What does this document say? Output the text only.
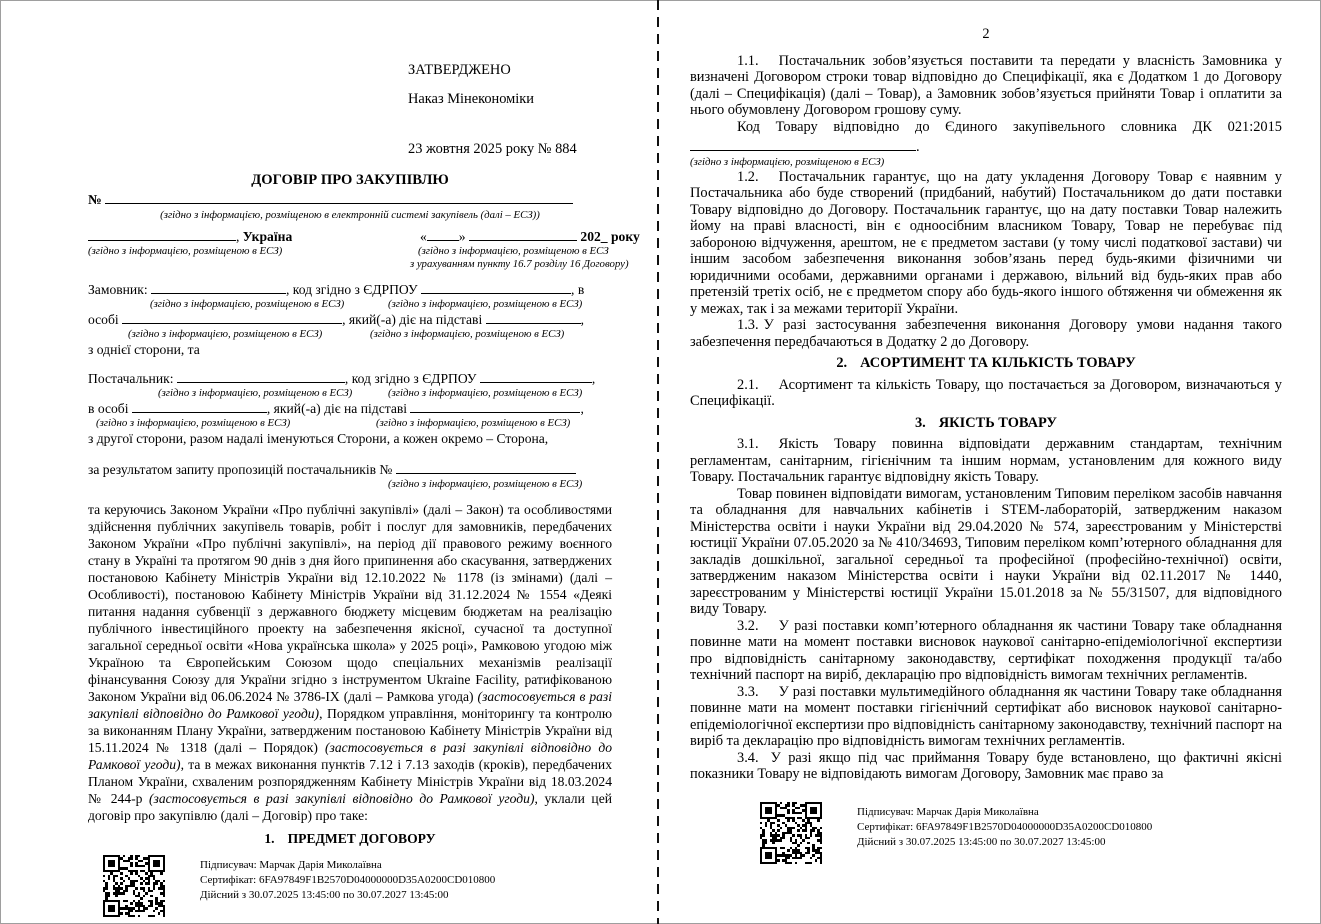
ЗАТВЕРДЖЕНО

Наказ Мінекономіки

23 жовтня 2025 року № 884

ДОГОВІР ПРО ЗАКУПІВЛЮ
№
(згідно з інформацією, розміщеною в електронній системі закупівель (далі – ЕСЗ))
, Україна	« »	202_ року
(згідно з інформацією, розміщеною в ЕСЗ)	(згідно з інформацією, розміщеною в ЕСЗ
з урахуванням пункту 16.7 розділу 16 Договору)
Замовник:	, код згідно з ЄДРПОУ	, в
(згідно з інформацією, розміщеною в ЕСЗ)	(згідно з інформацією, розміщеною в ЕСЗ)
особі	, який(-а) діє на підставі	,
(згідно з інформацією, розміщеною в ЕСЗ)	(згідно з інформацією, розміщеною в ЕСЗ)

з однієї сторони, та

Постачальник:	, код згідно з ЄДРПОУ	,
(згідно з інформацією, розміщеною в ЕСЗ)	(згідно з інформацією, розміщеною в ЕСЗ)
в особі	, який(-а) діє на підставі	,
(згідно з інформацією, розміщеною в ЕСЗ)	(згідно з інформацією, розміщеною в ЕСЗ)

з другої сторони, разом надалі іменуються Сторони, а кожен окремо – Сторона,

за результатом запиту пропозицій постачальників №
(згідно з інформацією, розміщеною в ЕСЗ)

та керуючись Законом України «Про публічні закупівлі» (далі – Закон) та особливостями здійснення публічних закупівель товарів, робіт і послуг для замовників, передбачених Законом України «Про публічні закупівлі», на період дії правового режиму воєнного стану в Україні та протягом 90 днів з дня його припинення або скасування, затверджених постановою Кабінету Міністрів України від 12.10.2022 № 1178 (із змінами) (далі – Особливості), постановою Кабінету Міністрів України від 31.12.2024 № 1554 «Деякі питання надання субвенції з державного бюджету місцевим бюджетам на реалізацію публічного інвестиційного проекту на забезпечення якісної, сучасної та доступної загальної середньої освіти «Нова українська школа» у 2025 році», Рамковою угодою між Україною та Європейським Союзом щодо спеціальних механізмів реалізації фінансування Союзу для України згідно з інструментом Ukraine Facility, ратифікованою Законом України від 06.06.2024 № 3786-IX (далі – Рамкова угода) (застосовується в разі закупівлі відповідно до Рамкової угоди), Порядком управління, моніторингу та контролю за виконанням Плану України, затвердженим постановою Кабінету Міністрів України від 15.11.2024 № 1318 (далі – Порядок) (застосовується в разі закупівлі відповідно до Рамкової угоди), та в межах виконання пунктів 7.12 і 7.13 заходів (кроків), передбачених Планом України, схваленим розпорядженням Кабінету Міністрів України від 18.03.2024 № 244-р (застосовується в разі закупівлі відповідно до Рамкової угоди), уклали цей договір про закупівлю (далі – Договір) про таке:

1. ПРЕДМЕТ ДОГОВОРУ
Підписувач: Марчак Дарія Миколаївна
Сертифікат: 6FA97849F1B2570D04000000D35A0200CD010800
Дійсний з 30.07.2025 13:45:00 по 30.07.2027 13:45:00
2

1.1. Постачальник зобов’язується поставити та передати у власність Замовника у визначені Договором строки товар відповідно до Специфікації, яка є Додатком 1 до Договору (далі – Специфікація) (далі – Товар), а Замовник зобов’язується прийняти Товар і оплатити за нього обумовлену Договором грошову суму.

Код Товару відповідно до Єдиного закупівельного словника ДК 021:2015

.
(згідно з інформацією, розміщеною в ЕСЗ)

1.2. Постачальник гарантує, що на дату укладення Договору Товар є наявним у Постачальника або буде створений (придбаний, набутий) Постачальником до дати поставки Товару відповідно до Договору. Постачальник гарантує, що на дату поставки Товар належить йому на праві власності, він є одноосібним власником Товару, Товар не перебуває під забороною відчуження, арештом, не є предметом застави (у тому числі податкової застави) чи іншим засобом забезпечення виконання зобов’язань перед будь-якими фізичними чи юридичними особами, державними органами і державою, вільний від будь-яких прав або претензій третіх осіб, не є предметом спору або будь-якого іншого обтяження чи обмеження як у межах, так і за межами території України.

1.3. У разі застосування забезпечення виконання Договору умови надання такого забезпечення передбачаються в Додатку 2 до Договору.

2. АСОРТИМЕНТ ТА КІЛЬКІСТЬ ТОВАРУ

2.1. Асортимент та кількість Товару, що постачається за Договором, визначаються у Специфікації.

3. ЯКІСТЬ ТОВАРУ

3.1. Якість Товару повинна відповідати державним стандартам, технічним регламентам, санітарним, гігієнічним та іншим нормам, установленим для кожного виду Товару. Постачальник гарантує відповідну якість Товару.

Товар повинен відповідати вимогам, установленим Типовим переліком засобів навчання та обладнання для навчальних кабінетів і STEM-лабораторій, затвердженим наказом Міністерства освіти і науки України від 29.04.2020 № 574, зареєстрованим у Міністерстві юстиції України 07.05.2020 за № 410/34693, Типовим переліком комп’ютерного обладнання для закладів дошкільної, загальної середньої та професійної (професійно-технічної) освіти, затвердженим наказом Міністерства освіти і науки України від 02.11.2017 № 1440, зареєстрованим у Міністерстві юстиції України 15.01.2018 за № 55/31507, для відповідного виду Товару.

3.2. У разі поставки комп’ютерного обладнання як частини Товару таке обладнання повинне мати на момент поставки висновок наукової санітарно-епідеміологічної експертизи про відповідність санітарному законодавству, сертифікат походження продукції та/або технічний паспорт на виріб, декларацію про відповідність вимогам технічних регламентів.

3.3. У разі поставки мультимедійного обладнання як частини Товару таке обладнання повинне мати на момент поставки гігієнічний сертифікат або висновок наукової санітарно-епідеміологічної експертизи про відповідність санітарному законодавству, технічний паспорт на виріб та декларацію про відповідність вимогам технічних регламентів.

3.4. У разі якщо під час приймання Товару буде встановлено, що фактичні якісні показники Товару не відповідають вимогам Договору, Замовник має право за

Підписувач: Марчак Дарія Миколаївна
Сертифікат: 6FA97849F1B2570D04000000D35A0200CD010800
Дійсний з 30.07.2025 13:45:00 по 30.07.2027 13:45:00
